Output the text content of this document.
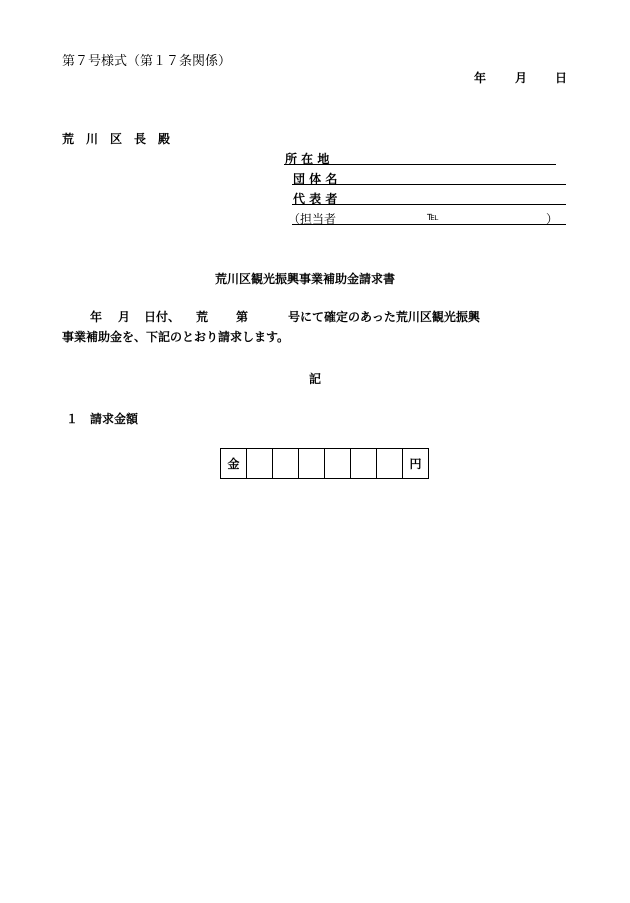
第７号様式（第１７条関係）
年 月 日
荒　川　区　長　殿
所 在 地
団 体 名
代 表 者
（担当者	℡	）
荒川区観光振興事業補助金請求書
年 月 日付、 荒 第	号にて確定のあった荒川区観光振興
事業補助金を、下記のとおり請求します。
記
１ 請求金額
金							円
